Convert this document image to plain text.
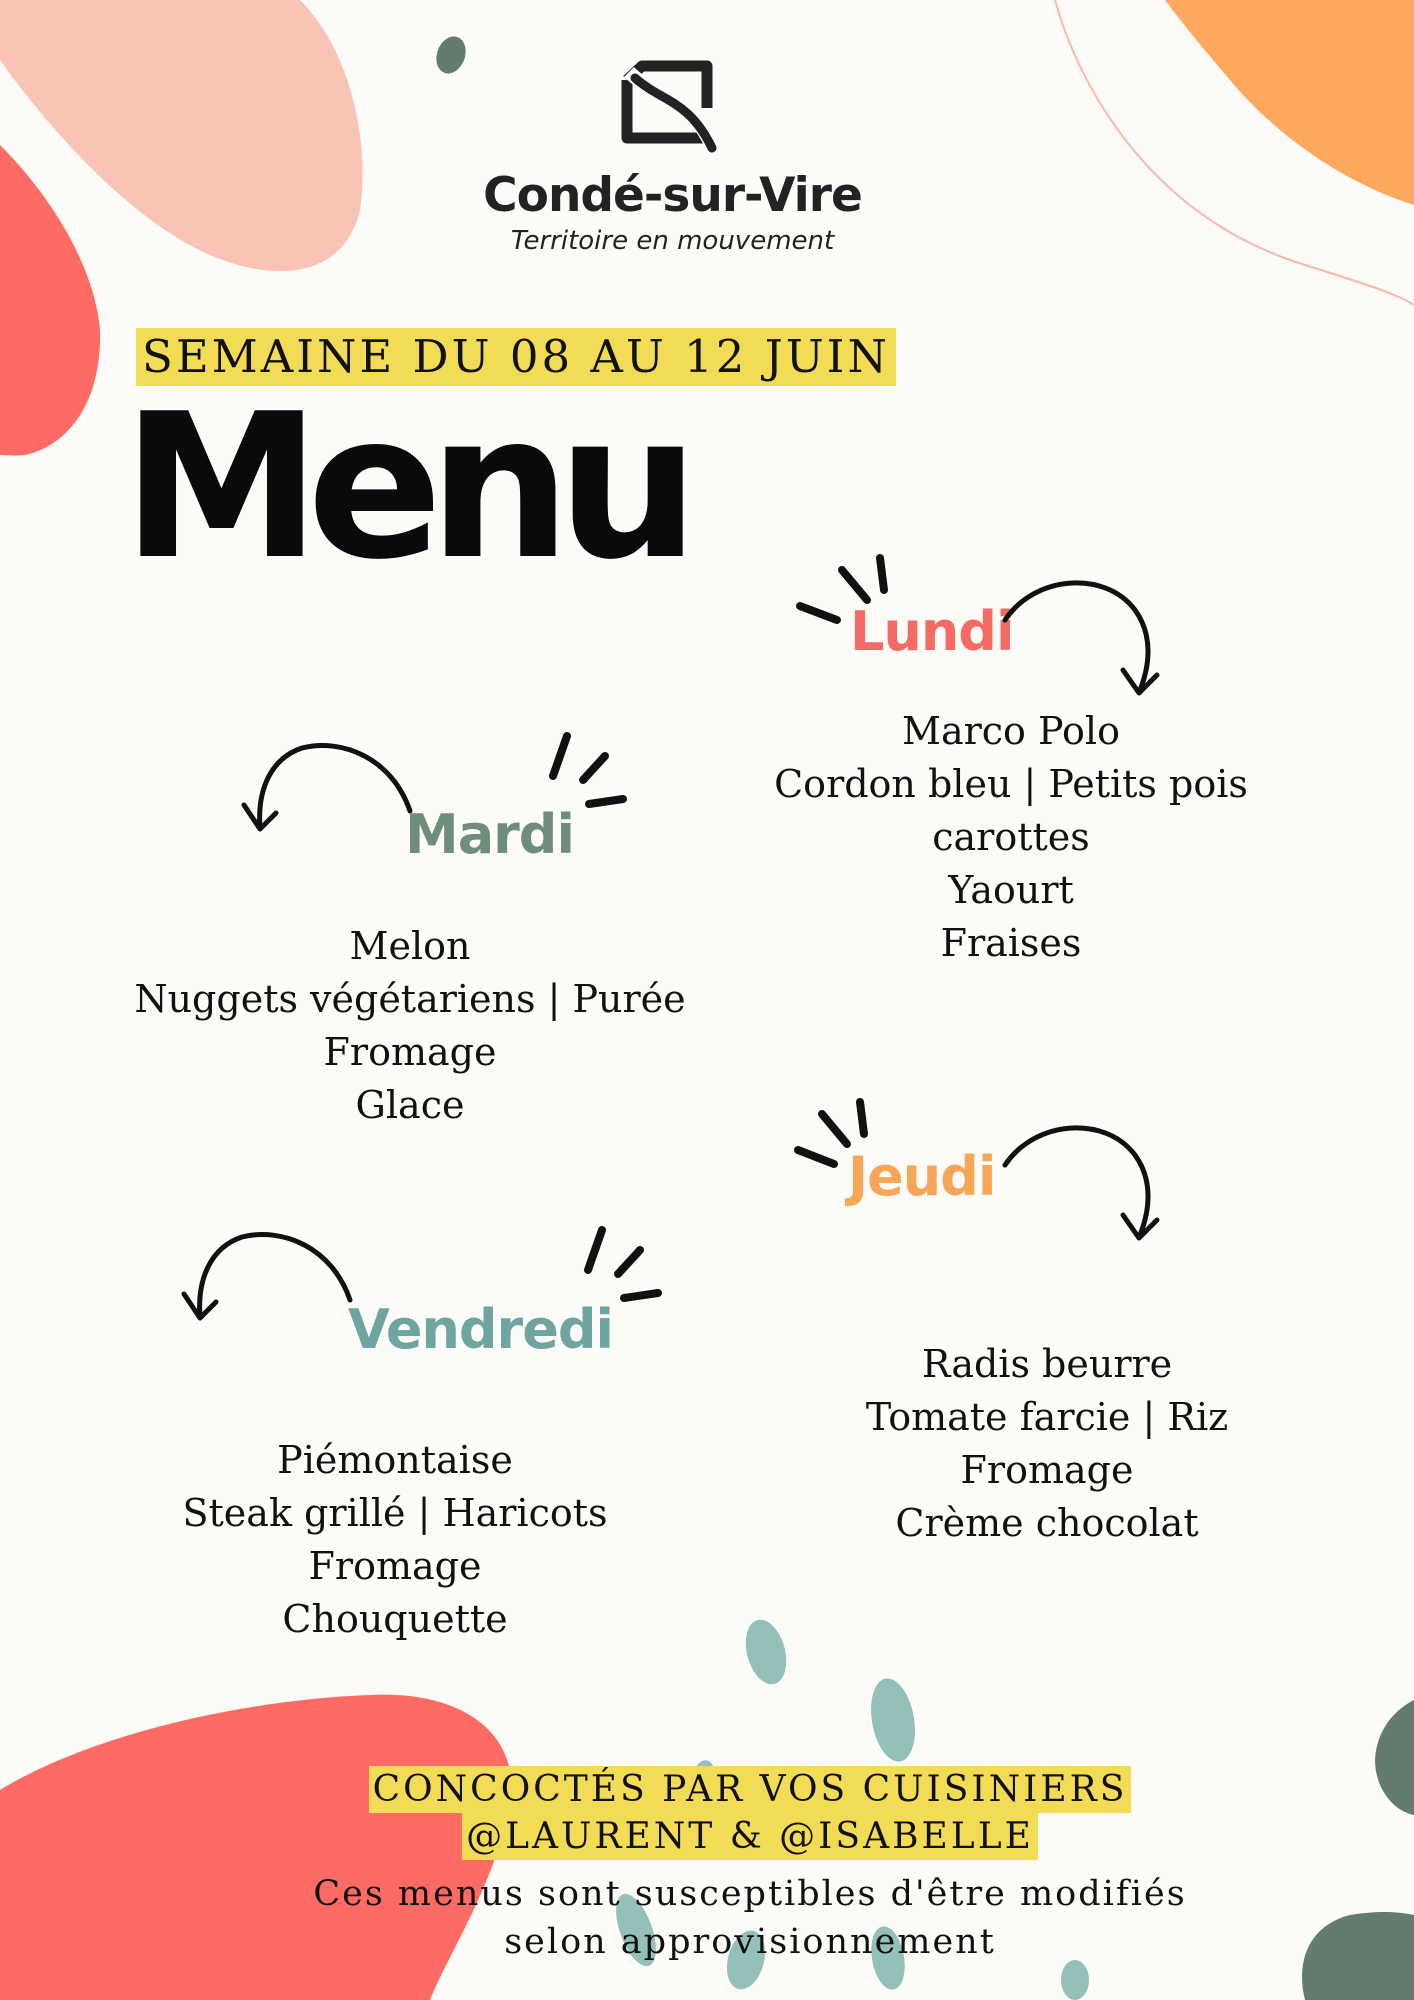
Condé-sur-Vire
Territoire en mouvement
SEMAINE DU 08 AU 12 JUIN
Menu
Lundi
Marco Polo
Cordon bleu | Petits pois
carottes
Yaourt
Fraises
Mardi
Melon
Nuggets végétariens | Purée
Fromage
Glace
Jeudi
Radis beurre
Tomate farcie | Riz
Fromage
Crème chocolat
Vendredi
Piémontaise
Steak grillé | Haricots
Fromage
Chouquette
CONCOCTÉS PAR VOS CUISINIERS
@LAURENT & @ISABELLE
Ces menus sont susceptibles d'être modifiés
selon approvisionnement
